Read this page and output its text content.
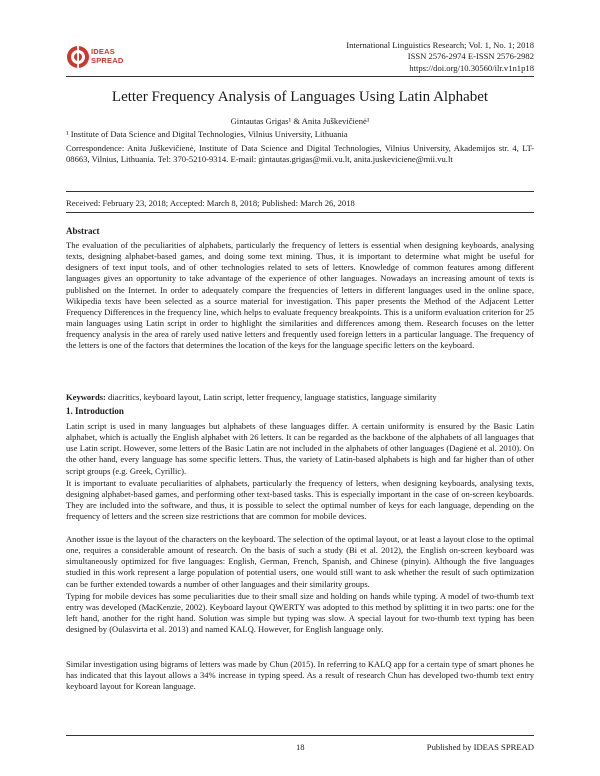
IDEAS
SPREAD
International Linguistics Research; Vol. 1, No. 1; 2018
ISSN 2576-2974 E-ISSN 2576-2982
https://doi.org/10.30560/ilr.v1n1p18
Letter Frequency Analysis of Languages Using Latin Alphabet
Gintautas Grigas¹ & Anita Juškevičienė¹
¹ Institute of Data Science and Digital Technologies, Vilnius University, Lithuania
Correspondence: Anita Juškevičienė, Institute of Data Science and Digital Technologies, Vilnius University, Akademijos str. 4, LT-08663, Vilnius, Lithuania. Tel: 370-5210-9314. E-mail: gintautas.grigas@mii.vu.lt, anita.juskeviciene@mii.vu.lt
Received: February 23, 2018; Accepted: March 8, 2018; Published: March 26, 2018
Abstract

The evaluation of the peculiarities of alphabets, particularly the frequency of letters is essential when designing keyboards, analysing texts, designing alphabet-based games, and doing some text mining. Thus, it is important to determine what might be useful for designers of text input tools, and of other technologies related to sets of letters. Knowledge of common features among different languages gives an opportunity to take advantage of the experience of other languages. Nowadays an increasing amount of texts is published on the Internet. In order to adequately compare the frequencies of letters in different languages used in the online space, Wikipedia texts have been selected as a source material for investigation. This paper presents the Method of the Adjacent Letter Frequency Differences in the frequency line, which helps to evaluate frequency breakpoints. This is a uniform evaluation criterion for 25 main languages using Latin script in order to highlight the similarities and differences among them. Research focuses on the letter frequency analysis in the area of rarely used native letters and frequently used foreign letters in a particular language. The frequency of the letters is one of the factors that determines the location of the keys for the language specific letters on the keyboard.

Keywords: diacritics, keyboard layout, Latin script, letter frequency, language statistics, language similarity

1. Introduction

Latin script is used in many languages but alphabets of these languages differ. A certain uniformity is ensured by the Basic Latin alphabet, which is actually the English alphabet with 26 letters. It can be regarded as the backbone of the alphabets of all languages that use Latin script. However, some letters of the Basic Latin are not included in the alphabets of other languages (Dagienė et al. 2010). On the other hand, every language has some specific letters. Thus, the variety of Latin-based alphabets is high and far higher than of other script groups (e.g. Greek, Cyrillic).

It is important to evaluate peculiarities of alphabets, particularly the frequency of letters, when designing keyboards, analysing texts, designing alphabet-based games, and performing other text-based tasks. This is especially important in the case of on-screen keyboards. They are included into the software, and thus, it is possible to select the optimal number of keys for each language, depending on the frequency of letters and the screen size restrictions that are common for mobile devices.

Another issue is the layout of the characters on the keyboard. The selection of the optimal layout, or at least a layout close to the optimal one, requires a considerable amount of research. On the basis of such a study (Bi et al. 2012), the English on-screen keyboard was simultaneously optimized for five languages: English, German, French, Spanish, and Chinese (pinyin). Although the five languages studied in this work represent a large population of potential users, one would still want to ask whether the result of such optimization can be further extended towards a number of other languages and their similarity groups.

Typing for mobile devices has some peculiarities due to their small size and holding on hands while typing. A model of two-thumb text entry was developed (MacKenzie, 2002). Keyboard layout QWERTY was adopted to this method by splitting it in two parts: one for the left hand, another for the right hand. Solution was simple but typing was slow. A special layout for two-thumb text typing has been designed by (Oulasvirta et al. 2013) and named KALQ. However, for English language only.

Similar investigation using bigrams of letters was made by Chun (2015). In referring to KALQ app for a certain type of smart phones he has indicated that this layout allows a 34% increase in typing speed. As a result of research Chun has developed two-thumb text entry keyboard layout for Korean language.

18	Published by IDEAS SPREAD
